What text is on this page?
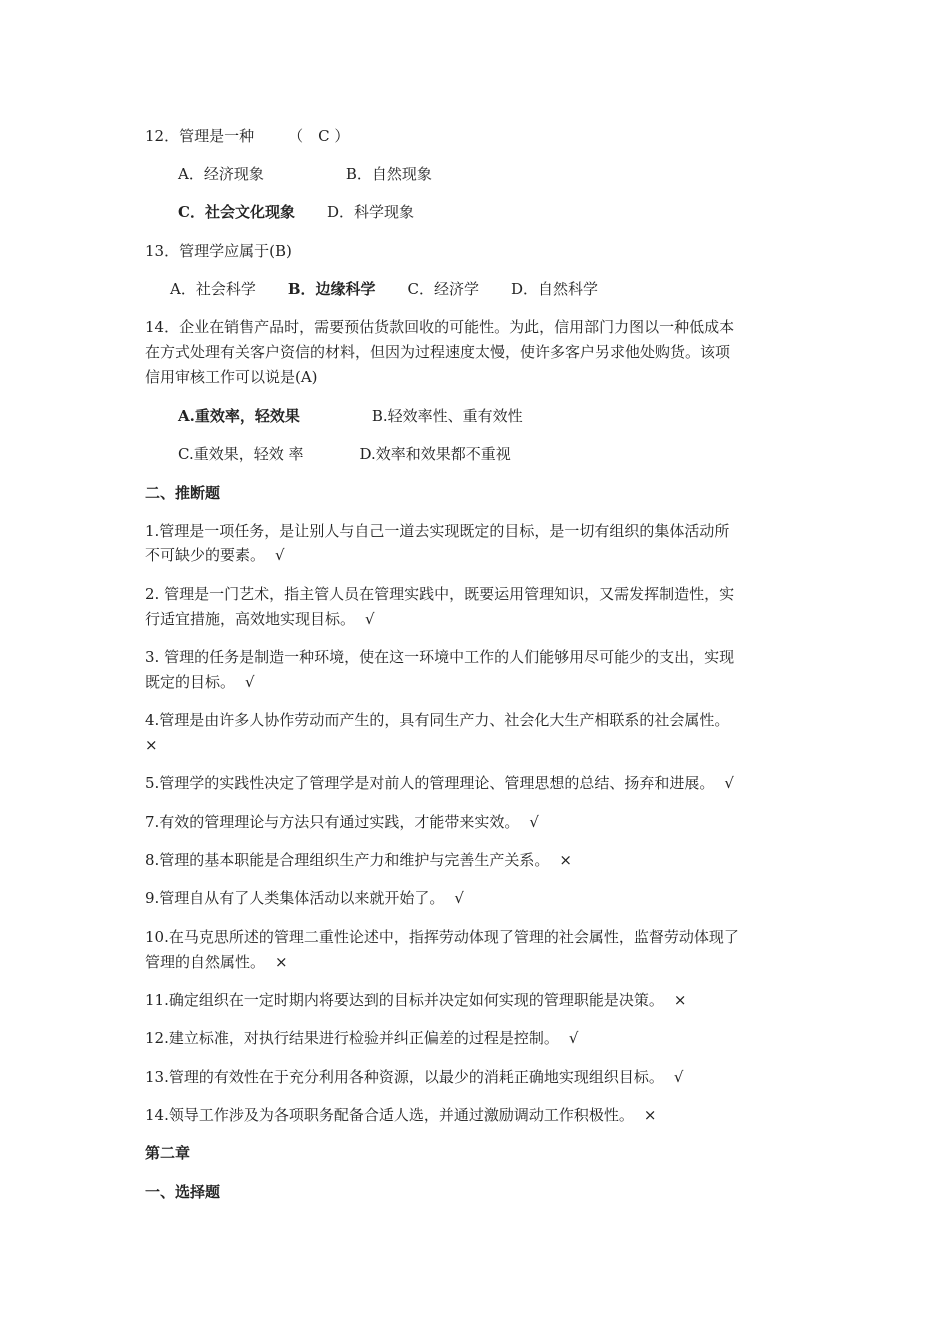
12．管理是一种 （　C ）
A．经济现象	B．自然现象
C．社会文化现象 D．科学现象
13．管理学应属于(B)
A．社会科学 B．边缘科学 C．经济学 D．自然科学
14．企业在销售产品时，需要预估货款回收的可能性。为此，信用部门力图以一种低成本
在方式处理有关客户资信的材料，但因为过程速度太慢，使许多客户另求他处购货。该项
信用审核工作可以说是(A)
A.重效率，轻效果	B.轻效率性、重有效性
C.重效果，轻效 率	D.效率和效果都不重视
二、推断题
1.管理是一项任务，是让别人与自己一道去实现既定的目标，是一切有组织的集体活动所
不可缺少的要素。 √
2. 管理是一门艺术，指主管人员在管理实践中，既要运用管理知识，又需发挥制造性，实
行适宜措施，高效地实现目标。 √
3. 管理的任务是制造一种环境，使在这一环境中工作的人们能够用尽可能少的支出，实现
既定的目标。 √
4.管理是由许多人协作劳动而产生的，具有同生产力、社会化大生产相联系的社会属性。
×
5.管理学的实践性决定了管理学是对前人的管理理论、管理思想的总结、扬弃和进展。 √
7.有效的管理理论与方法只有通过实践，才能带来实效。 √
8.管理的基本职能是合理组织生产力和维护与完善生产关系。 ×
9.管理自从有了人类集体活动以来就开始了。 √
10.在马克思所述的管理二重性论述中，指挥劳动体现了管理的社会属性，监督劳动体现了
管理的自然属性。 ×
11.确定组织在一定时期内将要达到的目标并决定如何实现的管理职能是决策。 ×
12.建立标准，对执行结果进行检验并纠正偏差的过程是控制。 √
13.管理的有效性在于充分利用各种资源，以最少的消耗正确地实现组织目标。 √
14.领导工作涉及为各项职务配备合适人选，并通过激励调动工作积极性。 ×
第二章
一、选择题
